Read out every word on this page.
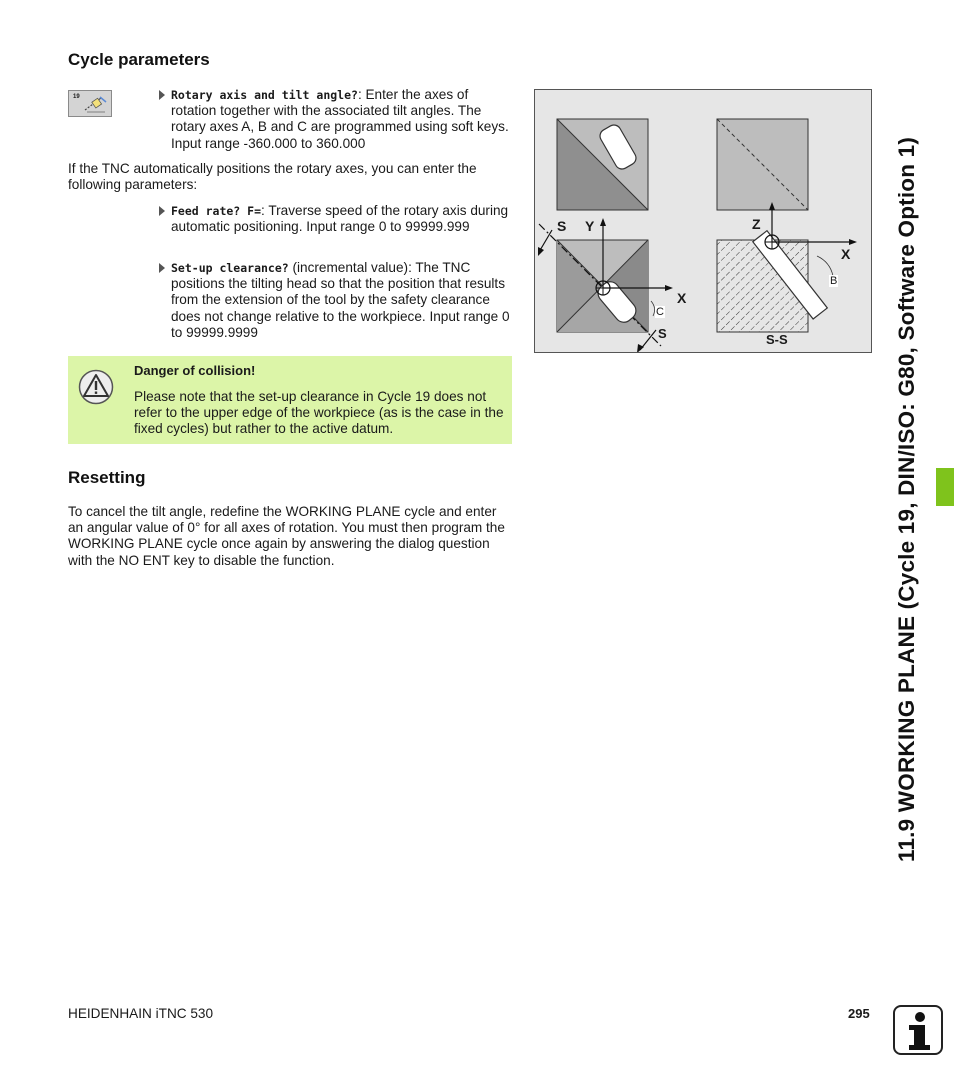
Cycle parameters
19	Rotary axis and tilt angle?: Enter the axes of rotation together with the associated tilt angles. The rotary axes A, B and C are programmed using soft keys. Input range -360.000 to 360.000

If the TNC automatically positions the rotary axes, you can enter the following parameters:

Feed rate? F=: Traverse speed of the rotary axis during automatic positioning. Input range 0 to 99999.999
Set-up clearance? (incremental value): The TNC positions the tilting head so that the position that results from the extension of the tool by the safety clearance does not change relative to the workpiece. Input range 0 to 99999.9999
Danger of collision!
Please note that the set-up clearance in Cycle 19 does not refer to the upper edge of the workpiece (as is the case in the fixed cycles) but rather to the active datum.
Resetting

To cancel the tilt angle, redefine the WORKING PLANE cycle and enter an angular value of 0° for all axes of rotation. You must then program the WORKING PLANE cycle once again by answering the dialog question with the NO ENT key to disable the function.

S Y
X
C
S
Z
X
B
S-S	11.9 WORKING PLANE (Cycle 19, DIN/ISO: G80, Software Option 1)
HEIDENHAIN iTNC 530	295
